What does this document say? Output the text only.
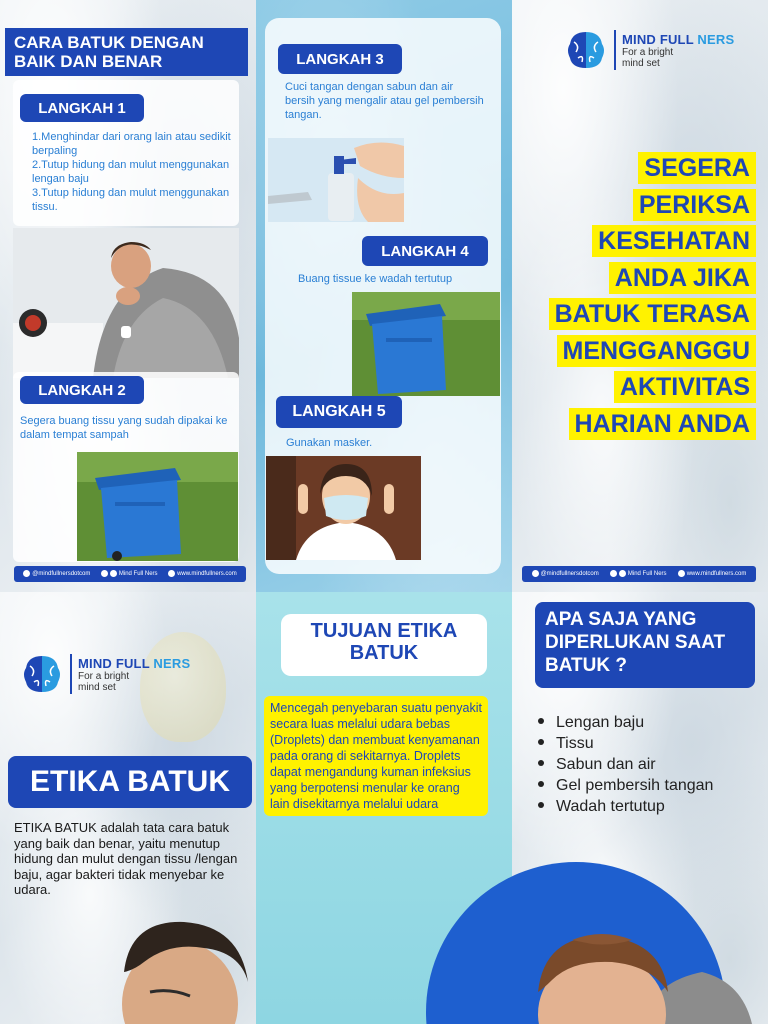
CARA BATUK DENGAN BAIK DAN BENAR
LANGKAH 1
1.Menghindar dari orang lain atau sedikit berpaling
2.Tutup hidung dan mulut menggunakan lengan baju
3.Tutup hidung dan mulut menggunakan tissu.
LANGKAH 2
Segera buang tissu yang sudah dipakai ke dalam tempat sampah
@mindfullnersdotcom	Mind Full Ners	www.mindfullners.com
LANGKAH 3
Cuci tangan dengan sabun dan air bersih yang mengalir atau gel pembersih tangan.
LANGKAH 4
Buang tissue ke wadah tertutup
LANGKAH 5
Gunakan masker.
MIND FULL NERS
For a bright
mind set
SEGERA
PERIKSA
KESEHATAN
ANDA JIKA
BATUK TERASA
MENGGANGGU
AKTIVITAS
HARIAN ANDA
@mindfullnersdotcom	Mind Full Ners	www.mindfullners.com
MIND FULL NERS
For a bright
mind set
ETIKA BATUK
ETIKA BATUK adalah tata cara batuk yang baik dan benar, yaitu menutup hidung dan mulut dengan tissu /lengan baju, agar bakteri tidak menyebar ke udara.
TUJUAN ETIKA BATUK
Mencegah penyebaran suatu penyakit secara luas melalui udara bebas (Droplets) dan membuat kenyamanan pada orang di sekitarnya. Droplets dapat mengandung kuman infeksius yang berpotensi menular ke orang lain disekitarnya melalui udara
APA SAJA YANG DIPERLUKAN SAAT BATUK ?
Lengan baju
Tissu
Sabun dan air
Gel pembersih tangan
Wadah tertutup
